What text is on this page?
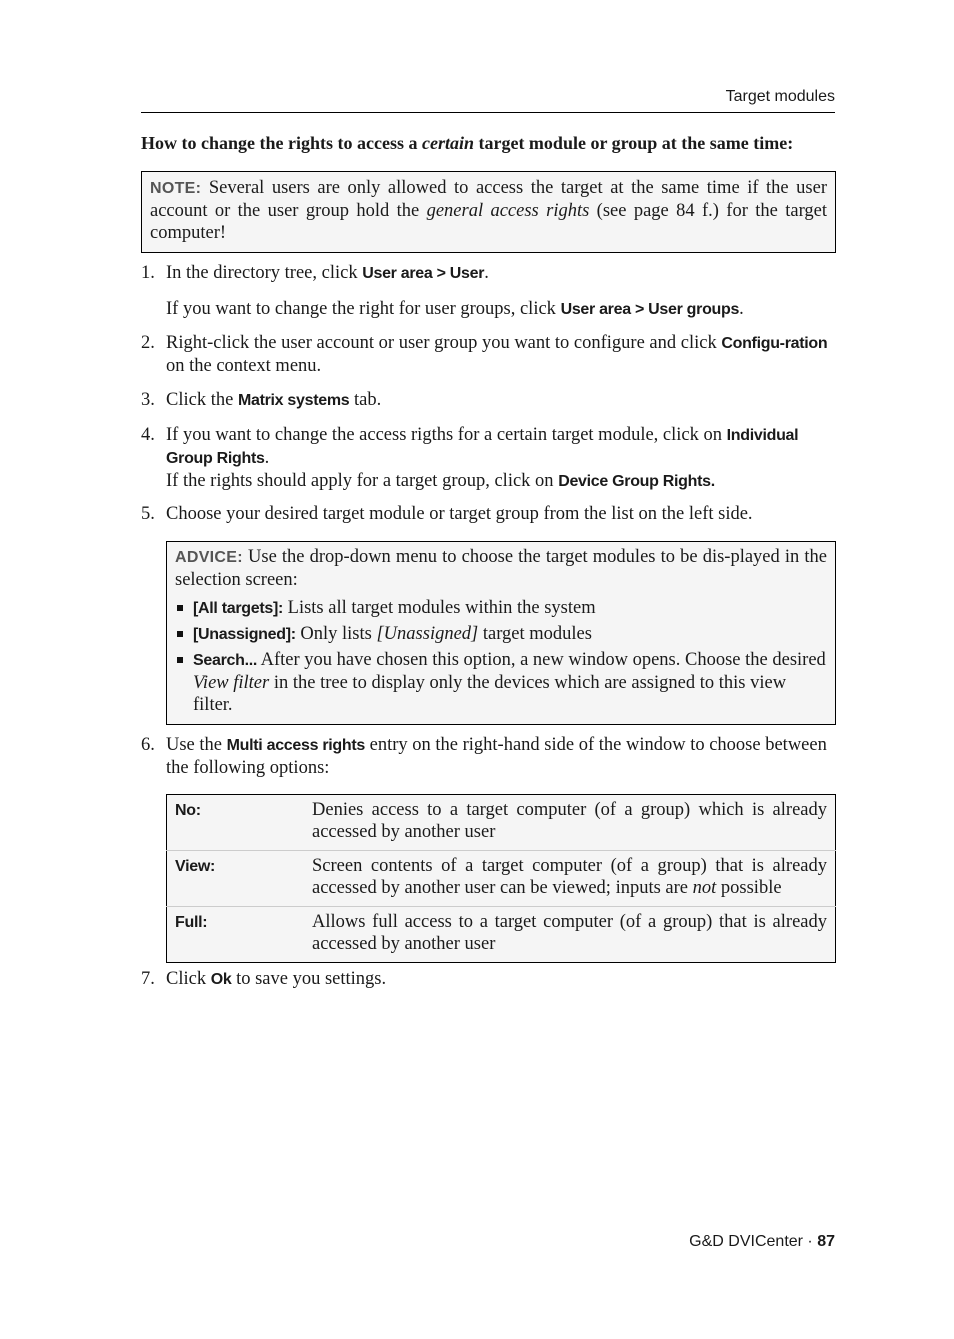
Target modules
How to change the rights to access a certain target module or group at the same time:
NOTE: Several users are only allowed to access the target at the same time if the user account or the user group hold the general access rights (see page 84 f.) for the target computer!
1. In the directory tree, click User area > User.
If you want to change the right for user groups, click User area > User groups.
2. Right-click the user account or user group you want to configure and click Configu-ration on the context menu.
3. Click the Matrix systems tab.
4. If you want to change the access rigths for a certain target module, click on Individual Group Rights.
If the rights should apply for a target group, click on Device Group Rights.
5. Choose your desired target module or target group from the list on the left side.
ADVICE: Use the drop-down menu to choose the target modules to be dis-played in the selection screen:
[All targets]: Lists all target modules within the system
[Unassigned]: Only lists [Unassigned] target modules
Search... After you have chosen this option, a new window opens. Choose the desired View filter in the tree to display only the devices which are assigned to this view filter.
6. Use the Multi access rights entry on the right-hand side of the window to choose between the following options:
No:	Denies access to a target computer (of a group) which is already accessed by another user
View:	Screen contents of a target computer (of a group) that is already accessed by another user can be viewed; inputs are not possible
Full:	Allows full access to a target computer (of a group) that is already accessed by another user
7. Click Ok to save you settings.
G&D DVICenter · 87
